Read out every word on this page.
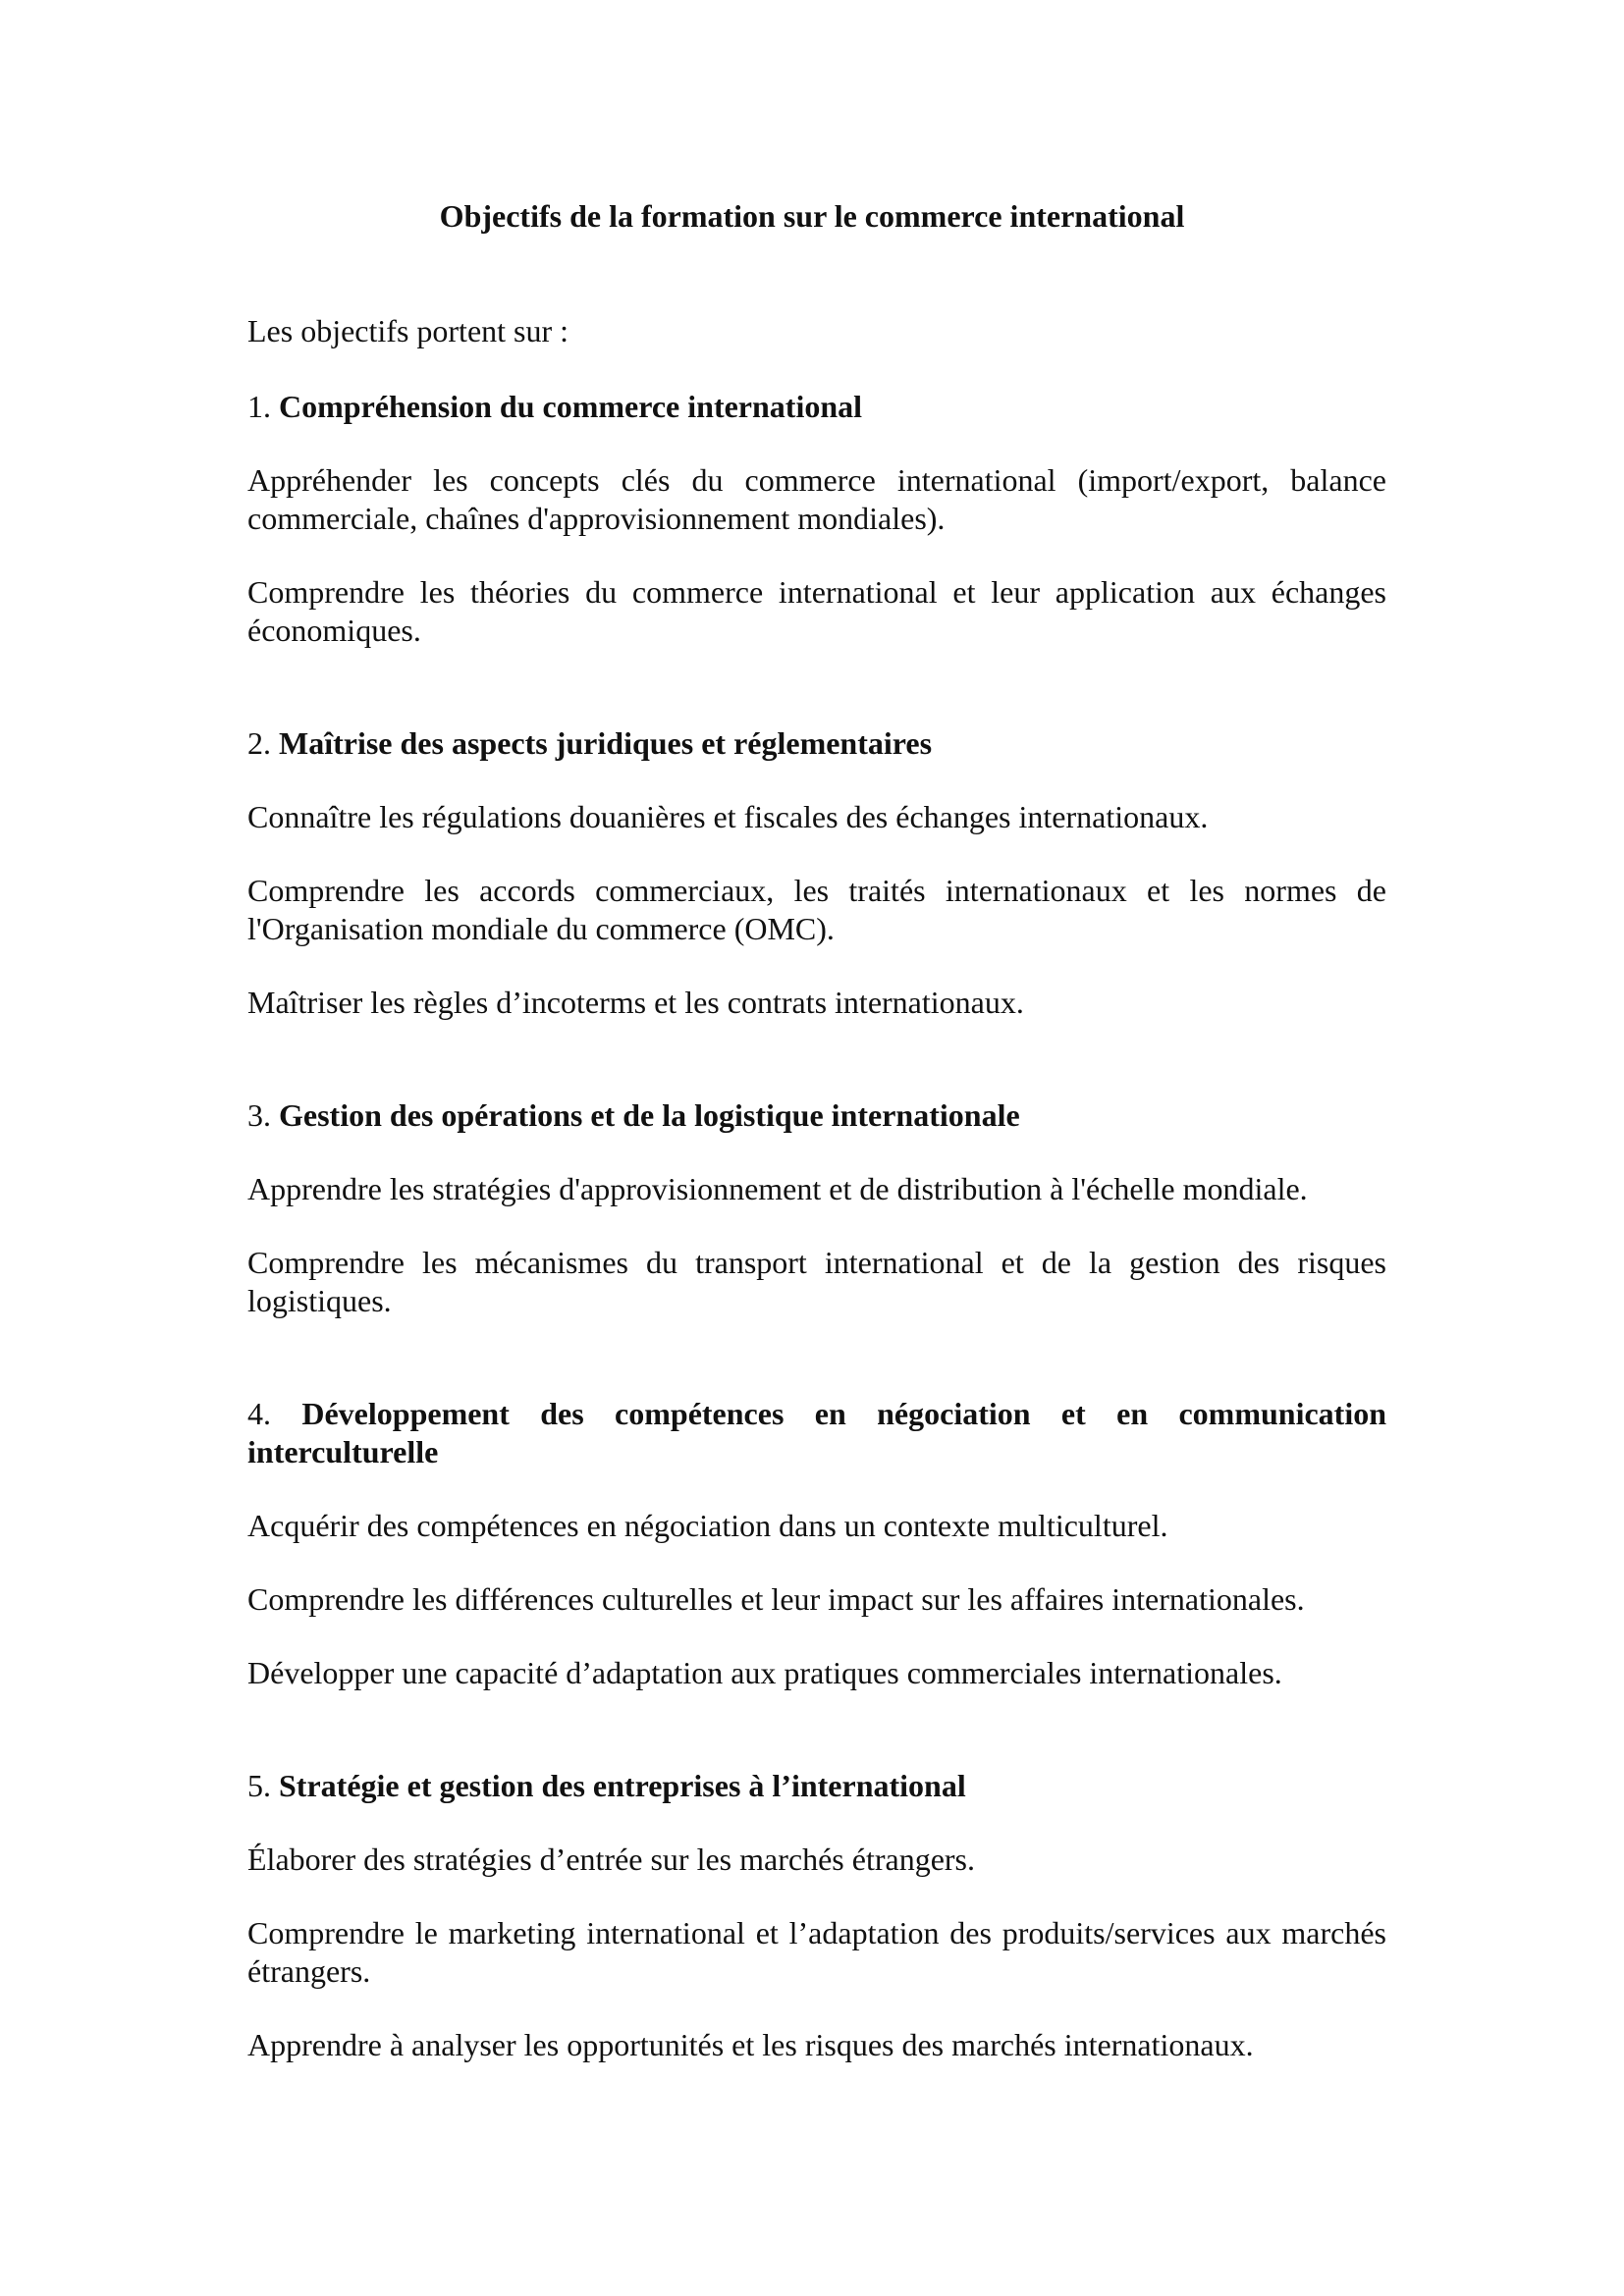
Objectifs de la formation sur le commerce international

Les objectifs portent sur :

1. Compréhension du commerce international

Appréhender les concepts clés du commerce international (import/export, balance commerciale, chaînes d'approvisionnement mondiales).

Comprendre les théories du commerce international et leur application aux échanges économiques.

2. Maîtrise des aspects juridiques et réglementaires

Connaître les régulations douanières et fiscales des échanges internationaux.

Comprendre les accords commerciaux, les traités internationaux et les normes de l'Organisation mondiale du commerce (OMC).

Maîtriser les règles d’incoterms et les contrats internationaux.

3. Gestion des opérations et de la logistique internationale

Apprendre les stratégies d'approvisionnement et de distribution à l'échelle mondiale.

Comprendre les mécanismes du transport international et de la gestion des risques logistiques.

4. Développement des compétences en négociation et en communication interculturelle

Acquérir des compétences en négociation dans un contexte multiculturel.

Comprendre les différences culturelles et leur impact sur les affaires internationales.

Développer une capacité d’adaptation aux pratiques commerciales internationales.

5. Stratégie et gestion des entreprises à l’international

Élaborer des stratégies d’entrée sur les marchés étrangers.

Comprendre le marketing international et l’adaptation des produits/services aux marchés étrangers.

Apprendre à analyser les opportunités et les risques des marchés internationaux.
